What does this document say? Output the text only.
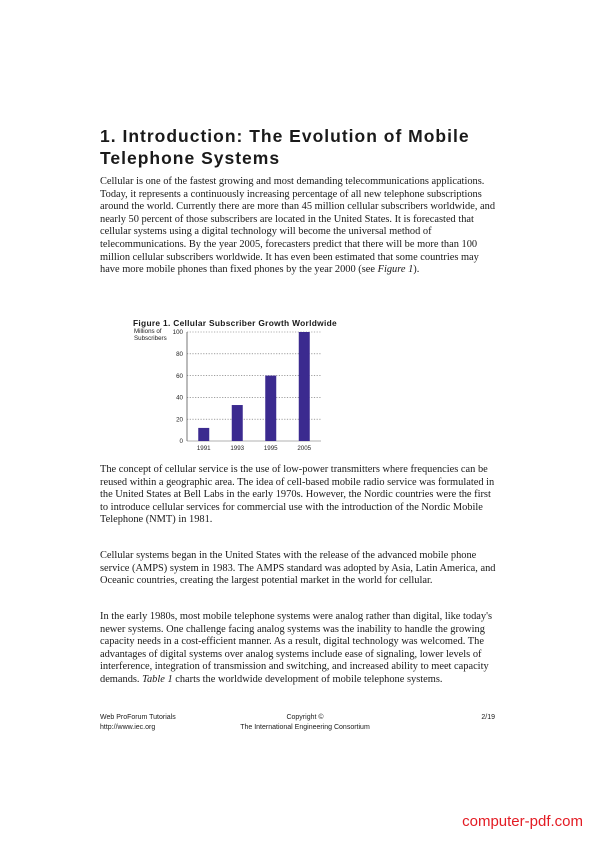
1. Introduction: The Evolution of Mobile Telephone Systems

Cellular is one of the fastest growing and most demanding telecommunications applications. Today, it represents a continuously increasing percentage of all new telephone subscriptions around the world. Currently there are more than 45 million cellular subscribers worldwide, and nearly 50 percent of those subscribers are located in the United States. It is forecasted that cellular systems using a digital technology will become the universal method of telecommunications. By the year 2005, forecasters predict that there will be more than 100 million cellular subscribers worldwide. It has even been estimated that some countries may have more mobile phones than fixed phones by the year 2000 (see Figure 1).

Figure 1. Cellular Subscriber Growth Worldwide

Millions of Subscribers

0
20
40
60
80
100
1991	1993	1995	2005

The concept of cellular service is the use of low-power transmitters where frequencies can be reused within a geographic area. The idea of cell-based mobile radio service was formulated in the United States at Bell Labs in the early 1970s. However, the Nordic countries were the first to introduce cellular services for commercial use with the introduction of the Nordic Mobile Telephone (NMT) in 1981.

Cellular systems began in the United States with the release of the advanced mobile phone service (AMPS) system in 1983. The AMPS standard was adopted by Asia, Latin America, and Oceanic countries, creating the largest potential market in the world for cellular.

In the early 1980s, most mobile telephone systems were analog rather than digital, like today's newer systems. One challenge facing analog systems was the inability to handle the growing capacity needs in a cost-efficient manner. As a result, digital technology was welcomed. The advantages of digital systems over analog systems include ease of signaling, lower levels of interference, integration of transmission and switching, and increased ability to meet capacity demands. Table 1 charts the worldwide development of mobile telephone systems.

Web ProForum Tutorials
http://www.iec.org
Copyright ©
The International Engineering Consortium
2/19

computer-pdf.com
